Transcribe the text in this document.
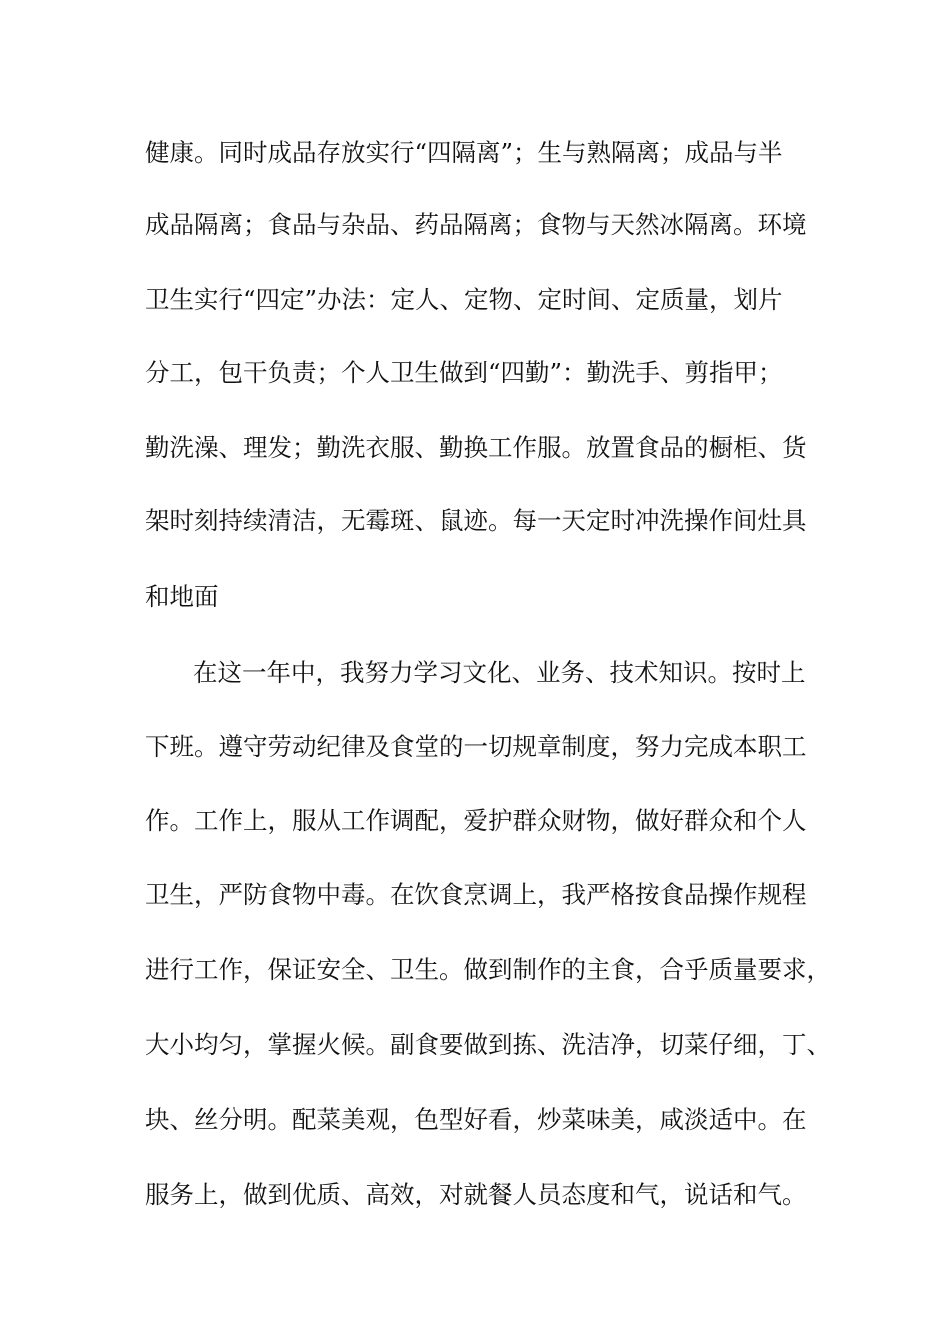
健康。同时成品存放实行“四隔离”；生与熟隔离；成品与半

成品隔离；食品与杂品、药品隔离；食物与天然冰隔离。环境

卫生实行“四定”办法：定人、定物、定时间、定质量，划片

分工，包干负责；个人卫生做到“四勤”：勤洗手、剪指甲；

勤洗澡、理发；勤洗衣服、勤换工作服。放置食品的橱柜、货

架时刻持续清洁，无霉斑、鼠迹。每一天定时冲洗操作间灶具

和地面

在这一年中，我努力学习文化、业务、技术知识。按时上

下班。遵守劳动纪律及食堂的一切规章制度，努力完成本职工

作。工作上，服从工作调配，爱护群众财物，做好群众和个人

卫生，严防食物中毒。在饮食烹调上，我严格按食品操作规程

进行工作，保证安全、卫生。做到制作的主食，合乎质量要求，

大小均匀，掌握火候。副食要做到拣、洗洁净，切菜仔细，丁、

块、丝分明。配菜美观，色型好看，炒菜味美，咸淡适中。在

服务上，做到优质、高效，对就餐人员态度和气，说话和气。
